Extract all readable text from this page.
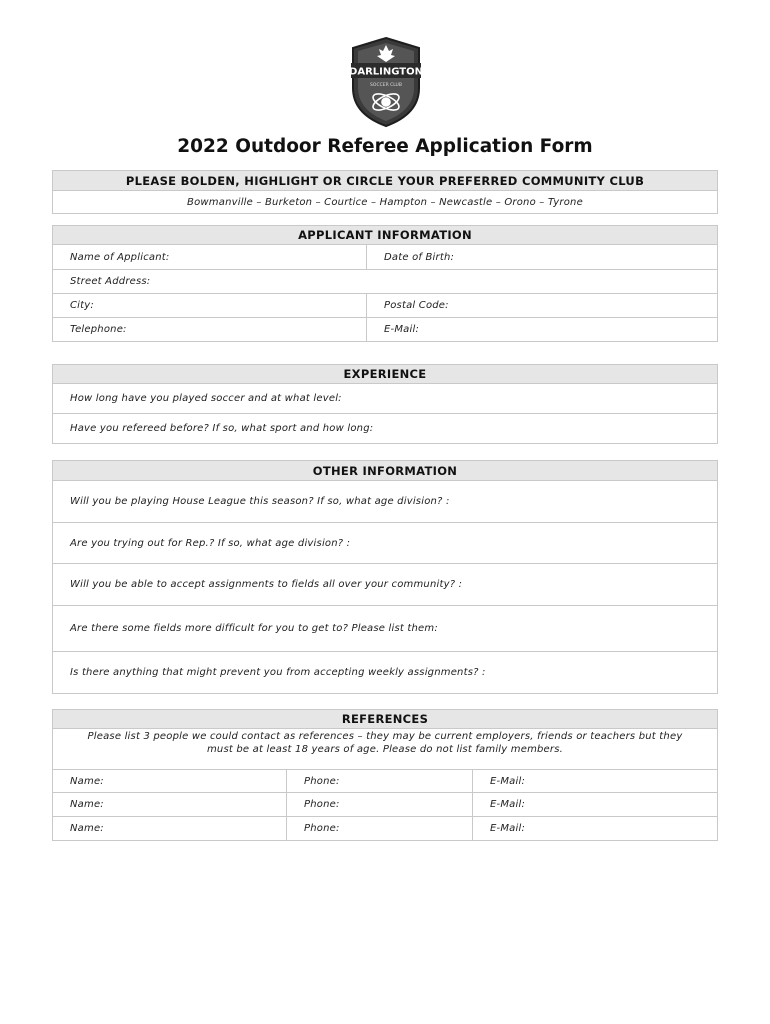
DARLINGTON
SOCCER CLUB
2022 Outdoor Referee Application Form
PLEASE BOLDEN, HIGHLIGHT OR CIRCLE YOUR PREFERRED COMMUNITY CLUB
Bowmanville – Burketon – Courtice – Hampton – Newcastle – Orono – Tyrone
APPLICANT INFORMATION
Name of Applicant:	Date of Birth:
Street Address:
City:	Postal Code:
Telephone:	E-Mail:
EXPERIENCE
How long have you played soccer and at what level:
Have you refereed before? If so, what sport and how long:
OTHER INFORMATION
Will you be playing House League this season? If so, what age division? :
Are you trying out for Rep.? If so, what age division? :
Will you be able to accept assignments to fields all over your community? :
Are there some fields more difficult for you to get to? Please list them:
Is there anything that might prevent you from accepting weekly assignments? :
REFERENCES
Please list 3 people we could contact as references – they may be current employers, friends or teachers but they must be at least 18 years of age. Please do not list family members.
Name:	Phone:	E-Mail:
Name:	Phone:	E-Mail:
Name:	Phone:	E-Mail:
